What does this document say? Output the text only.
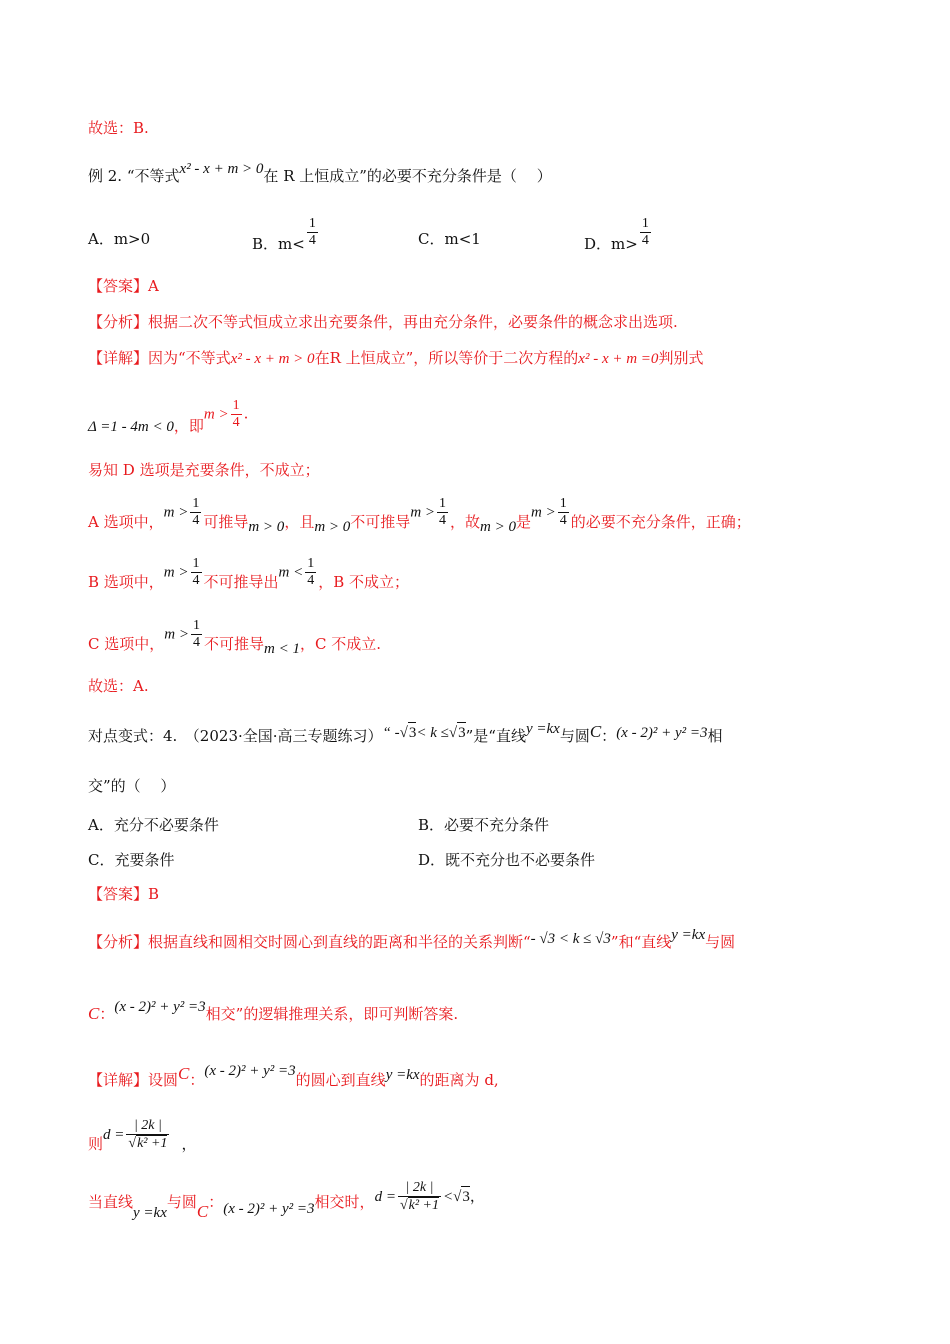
故选：B.
例 2. “不等式x² - x + m > 0在 R 上恒成立”的必要不充分条件是（　 ）
A．m>0	B．$m< \frac{1}{4}$	C．m<1	D．$m> \frac{1}{4}$
【答案】A
【分析】根据二次不等式恒成立求出充要条件，再由充分条件，必要条件的概念求出选项.
【详解】因为“不等式x² - x + m > 0在R 上恒成立”，所以等价于二次方程的x² - x + m =0判别式
Δ =1 - 4m < 0，即$m > \frac{1}{4}$ .
易知 D 选项是充要条件，不成立；
A 选项中，$m > \frac{1}{4}$ 可推导m > 0，且m > 0不可推导$m > \frac{1}{4}$ ，故m > 0是$m > \frac{1}{4}$ 的必要不充分条件，正确；
B 选项中，$m > \frac{1}{4}$ 不可推导出$m < \frac{1}{4}$ ，B 不成立；
C 选项中，$m > \frac{1}{4}$ 不可推导m < 1，C 不成立.
故选：A.
对点变式：4.　（2023·全国·高三专题练习）“ -√3< k ≤√3”是“直线y =kx与圆C：(x - 2)² + y² =3相
交”的（　 ）
A．充分不必要条件	B．必要不充分条件
C．充要条件	D．既不充分也不必要条件
【答案】B
【分析】根据直线和圆相交时圆心到直线的距离和半径的关系判断“- √3 < k ≤ √3”和“直线y =kx与圆
C：(x - 2)² + y² =3相交”的逻辑推理关系，即可判断答案.
【详解】设圆C：(x - 2)² + y² =3的圆心到直线y =kx的距离为 d,
则$d = \frac{| 2k |}{\text{√k² +1}}$ ，
当直线y =kx与圆C：(x - 2)² + y² =3相交时，$d = \frac{| 2k |}{\text{√k² +1}} <√3$，
